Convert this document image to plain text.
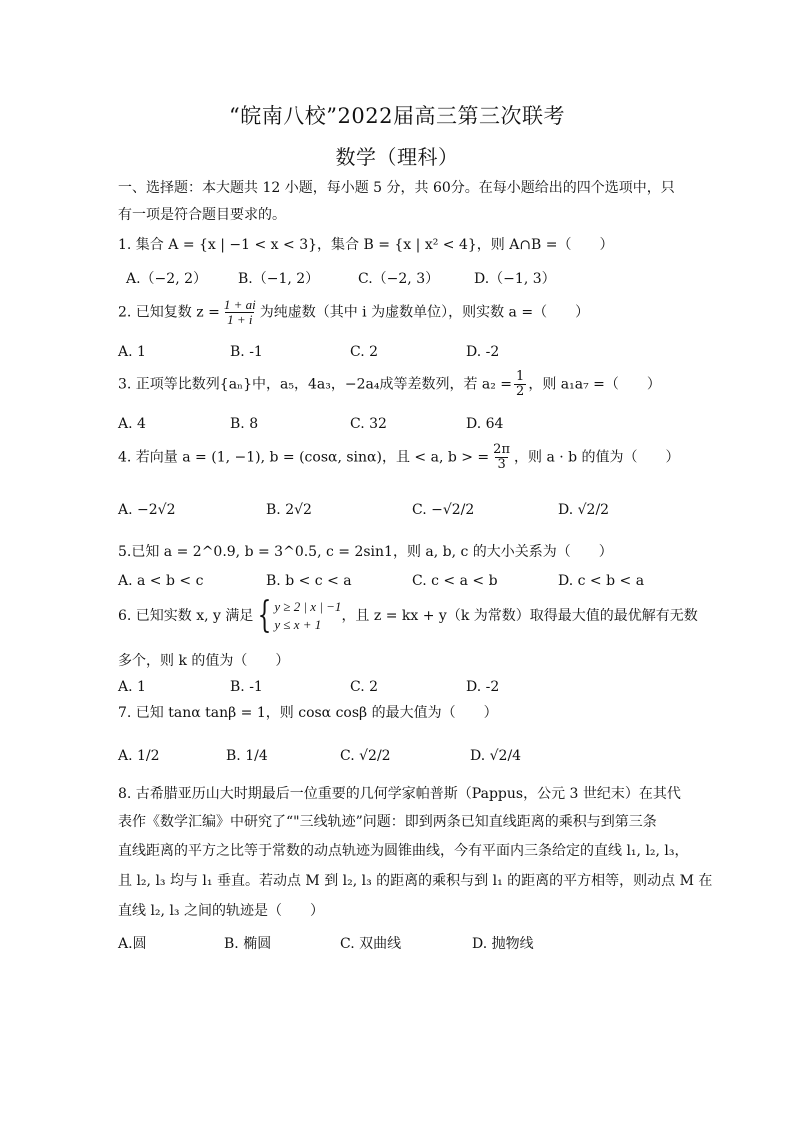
“皖南八校”2022届高三第三次联考
数学（理科）
一、选择题：本大题共 12 小题，每小题 5 分，共 60分。在每小题给出的四个选项中，只
有一项是符合题目要求的。
1. 集合 A = {x | −1 < x < 3}，集合 B = {x | x² < 4}，则 A∩B =（　　）
A.（−2, 2） B.（−1, 2）	C.（−2, 3） D.（−1, 3）
2. 已知复数 $z = \frac{1 + ai}{1 + i}$ 为纯虚数（其中 i 为虚数单位），则实数 a =（　　）
A. 1	B. -1	C. 2	D. -2
3. 正项等比数列{aₙ}中，a₅，4a₃，−2a₄成等差数列，若 $a_2 = \frac{1}{2}$ ，则 a₁a₇ =（　　）
A. 4	B. 8	C. 32	D. 64
4. 若向量 a = (1, −1), b = (cosα, sinα)，且 < a, b > = $\frac{2\pi}{3}$ ，则 a · b 的值为（　　）
A. −2√2	B. 2√2	C. −√2/2	D. √2/2
5.已知 a = 2^0.9, b = 3^0.5, c = 2sin1，则 a, b, c 的大小关系为（　　）
A. a < b < c	B. b < c < a	C. c < a < b	D. c < b < a
6. 已知实数 x, y 满足 { y ≥ 2 | x | −1
y ≤ x + 1
，且 z = kx + y（k 为常数）取得最大值的最优解有无数
多个，则 k 的值为（　　）
A. 1	B. -1	C. 2	D. -2
7. 已知 tanα tanβ = 1，则 cosα cosβ 的最大值为（　　）
A. 1/2	B. 1/4	C. √2/2	D. √2/4
8. 古希腊亚历山大时期最后一位重要的几何学家帕普斯（Pappus，公元 3 世纪末）在其代
表作《数学汇编》中研究了“"三线轨迹”问题：即到两条已知直线距离的乘积与到第三条
直线距离的平方之比等于常数的动点轨迹为圆锥曲线，今有平面内三条给定的直线 l₁, l₂, l₃，
且 l₂, l₃ 均与 l₁ 垂直。若动点 M 到 l₂, l₃ 的距离的乘积与到 l₁ 的距离的平方相等，则动点 M 在
直线 l₂, l₃ 之间的轨迹是（　　）
A.圆	B. 椭圆	C. 双曲线	D. 抛物线
